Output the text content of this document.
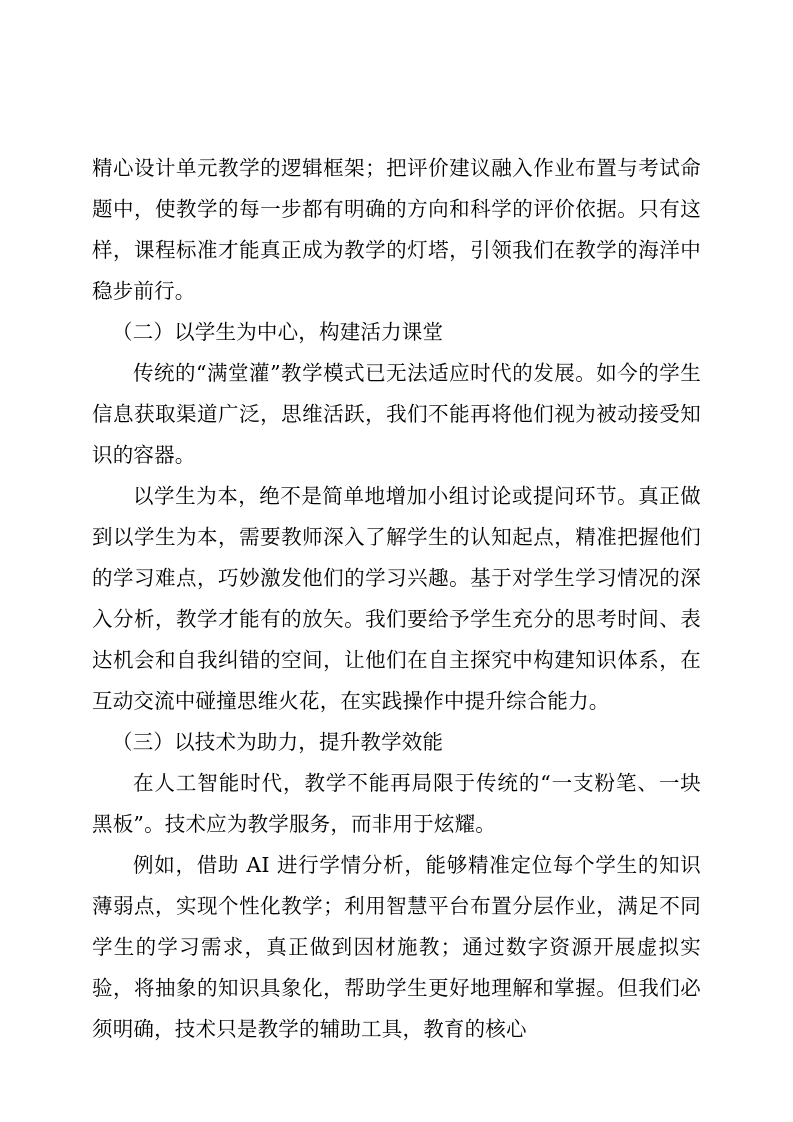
精心设计单元教学的逻辑框架；把评价建议融入作业布置与考试命题中，使教学的每一步都有明确的方向和科学的评价依据。只有这样，课程标准才能真正成为教学的灯塔，引领我们在教学的海洋中稳步前行。

（二）以学生为中心，构建活力课堂

传统的“满堂灌”教学模式已无法适应时代的发展。如今的学生信息获取渠道广泛，思维活跃，我们不能再将他们视为被动接受知识的容器。

以学生为本，绝不是简单地增加小组讨论或提问环节。真正做到以学生为本，需要教师深入了解学生的认知起点，精准把握他们的学习难点，巧妙激发他们的学习兴趣。基于对学生学习情况的深入分析，教学才能有的放矢。我们要给予学生充分的思考时间、表达机会和自我纠错的空间，让他们在自主探究中构建知识体系，在互动交流中碰撞思维火花，在实践操作中提升综合能力。

（三）以技术为助力，提升教学效能

在人工智能时代，教学不能再局限于传统的“一支粉笔、一块黑板”。技术应为教学服务，而非用于炫耀。

例如，借助 AI 进行学情分析，能够精准定位每个学生的知识薄弱点，实现个性化教学；利用智慧平台布置分层作业，满足不同学生的学习需求，真正做到因材施教；通过数字资源开展虚拟实验，将抽象的知识具象化，帮助学生更好地理解和掌握。但我们必须明确，技术只是教学的辅助工具，教育的核心
